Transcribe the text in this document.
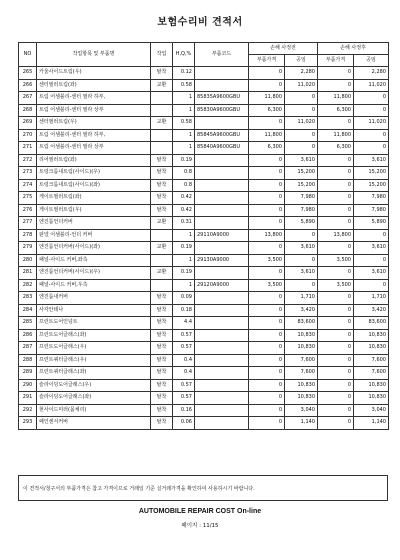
보험수리비 견적서
NO	작업항목 및 부품명	작업	H,Q,%	부품코드	손해 사정전		손해 사정후	
					부품가격	공임	부품가격	공임
265	카울사이드트림(우)	탈착	0.12		0	2,280	0	2,280
266	센터필러트림(좌)	교환	0.58		0	11,020	0	11,020
267	트림 어셈블리-센터 필라 하부,		1	85835A9600GBU	11,800	0	11,800	0
268	트림 어셈블리-센터 필라 상부		1	85830A9600GBU	6,300	0	6,300	0
269	센터필러트림(우)	교환	0.58		0	11,020	0	11,020
270	트림 어셈블리-센터 필라 하부,		1	85845A9600GBU	11,800	0	11,800	0
271	트림 어셈블리-센터 필라 상부		1	85840A9600GBU	6,300	0	6,300	0
272	리어필러트림(좌)	탈착	0.19		0	3,610	0	3,610
273	트렁크룸내트림(사이드)(우)	탈착	0.8		0	15,200	0	15,200
274	트렁크룸내트림(사이드)(좌)	탈착	0.8		0	15,200	0	15,200
275	게이트필러트림(좌)	탈착	0.42		0	7,980	0	7,980
276	게이트필러트림(우)	탈착	0.42		0	7,980	0	7,980
277	엔진룸언더커버	교환	0.31		0	5,890	0	5,890
278	판넬 어셈블리-언더 커버		1	29110A9000	13,800	0	13,800	0
279	엔진룸언더커버(사이드)(좌)	교환	0.19		0	3,610	0	3,610
280	패널-사이드 커버,좌측		1	29130A9000	3,500	0	3,500	0
281	엔진룸언더커버(사이드)(우)	교환	0.19		0	3,610	0	3,610
282	패널-사이드 커버,우측		1	29120A9000	3,500	0	3,500	0
283	엔진룸내커버	탈착	0.09		0	1,710	0	1,710
284	사각안테나	탈착	0.18		0	3,420	0	3,420
285	프런트도어인넘트	탈착	4.4		0	83,600	0	83,600
286	프런트도어글래스(좌)	탈착	0.57		0	10,830	0	10,830
287	프런트도어글래스(우)	탈착	0.57		0	10,830	0	10,830
288	프런트쿼터글래스(우)	탈착	0.4		0	7,600	0	7,600
289	프런트쿼터글래스(좌)	탈착	0.4		0	7,600	0	7,600
290	슬라이딩도어글래스(우)	탈착	0.57		0	10,830	0	10,830
291	슬라이딩도어글래스(좌)	탈착	0.57		0	10,830	0	10,830
292	현사이드미러(몸체리)	탈착	0.16		0	3,040	0	3,040
293	페인센서커버	탈착	0.06		0	1,140	0	1,140
이 견적서/청구서의 부품가격은 참고 가격이므로 거래일 기준 실거래가격을 확인하여 사용하시기 바랍니다.
AUTOMOBILE REPAIR COST On-line
페이지 : 11/15
